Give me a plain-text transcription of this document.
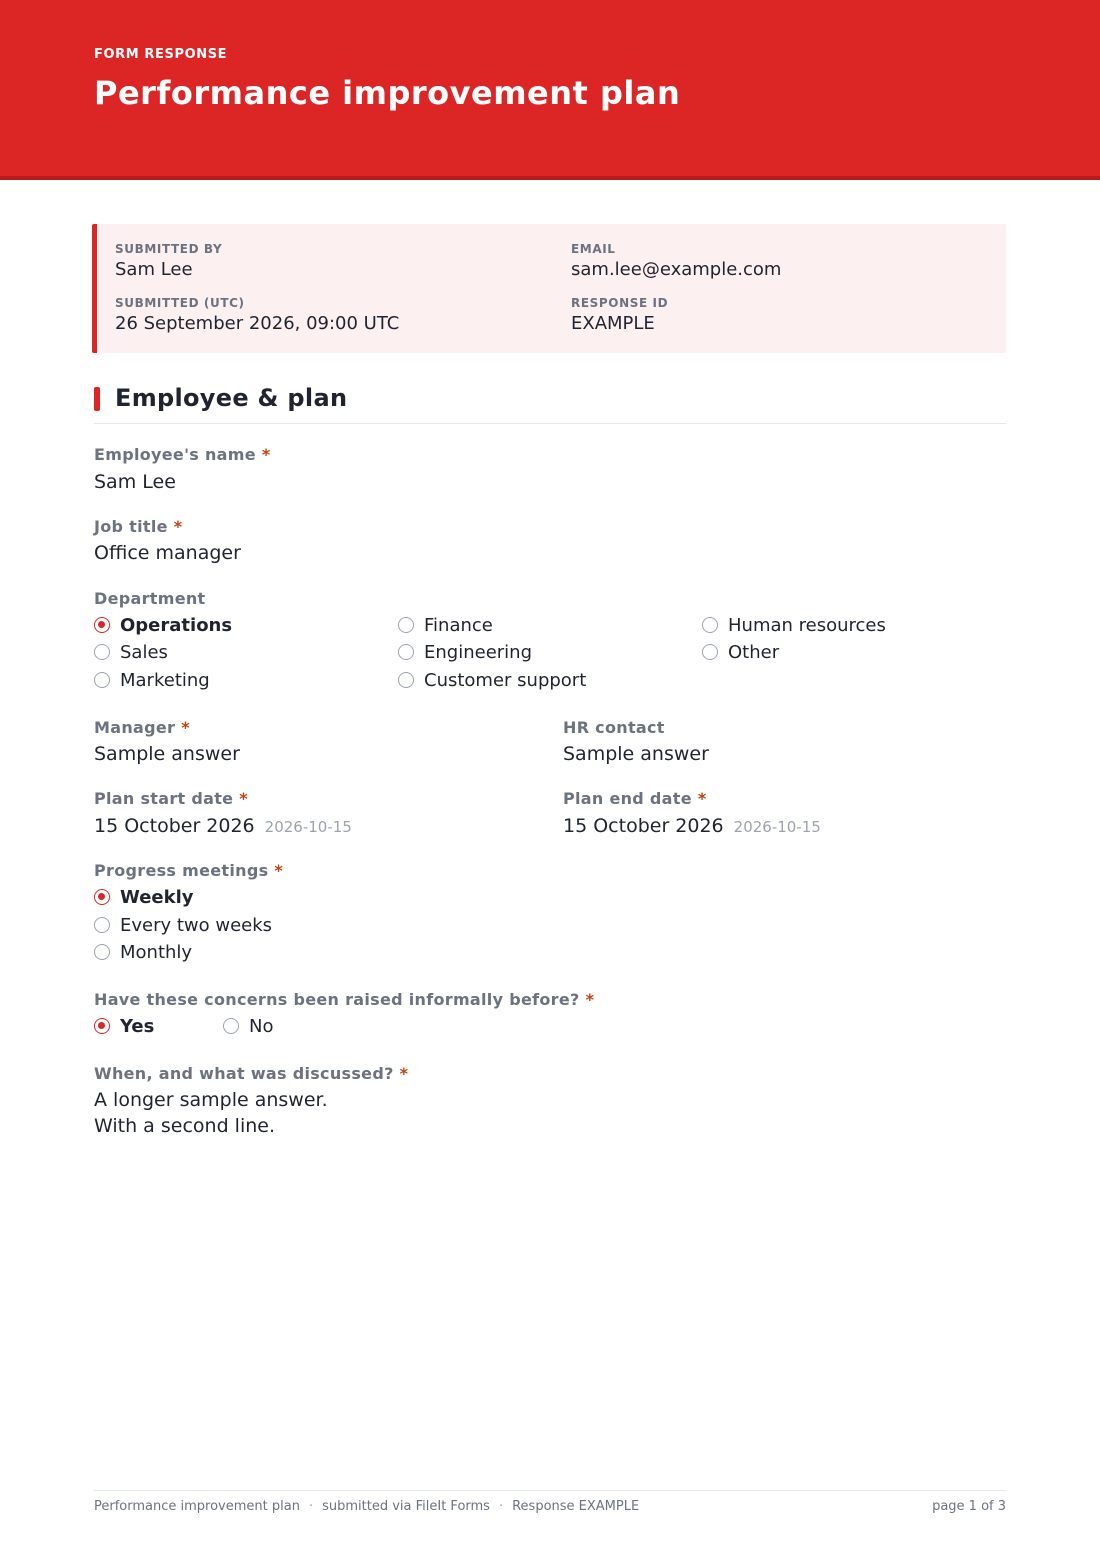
FORM RESPONSE
Performance improvement plan
SUBMITTED BY
Sam Lee
EMAIL
sam.lee@example.com
SUBMITTED (UTC)
26 September 2026, 09:00 UTC
RESPONSE ID
EXAMPLE
Employee & plan
Employee's name *
Sam Lee
Job title *
Office manager
Department
Operations
Sales
Marketing
Finance
Engineering
Customer support
Human resources
Other
Manager *
Sample answer
HR contact
Sample answer
Plan start date *
15 October 2026 2026-10-15
Plan end date *
15 October 2026 2026-10-15
Progress meetings *
Weekly
Every two weeks
Monthly
Have these concerns been raised informally before? *
Yes	No
When, and what was discussed? *
A longer sample answer.
With a second line.
Performance improvement plan · submitted via FileIt Forms · Response EXAMPLE	page 1 of 3
